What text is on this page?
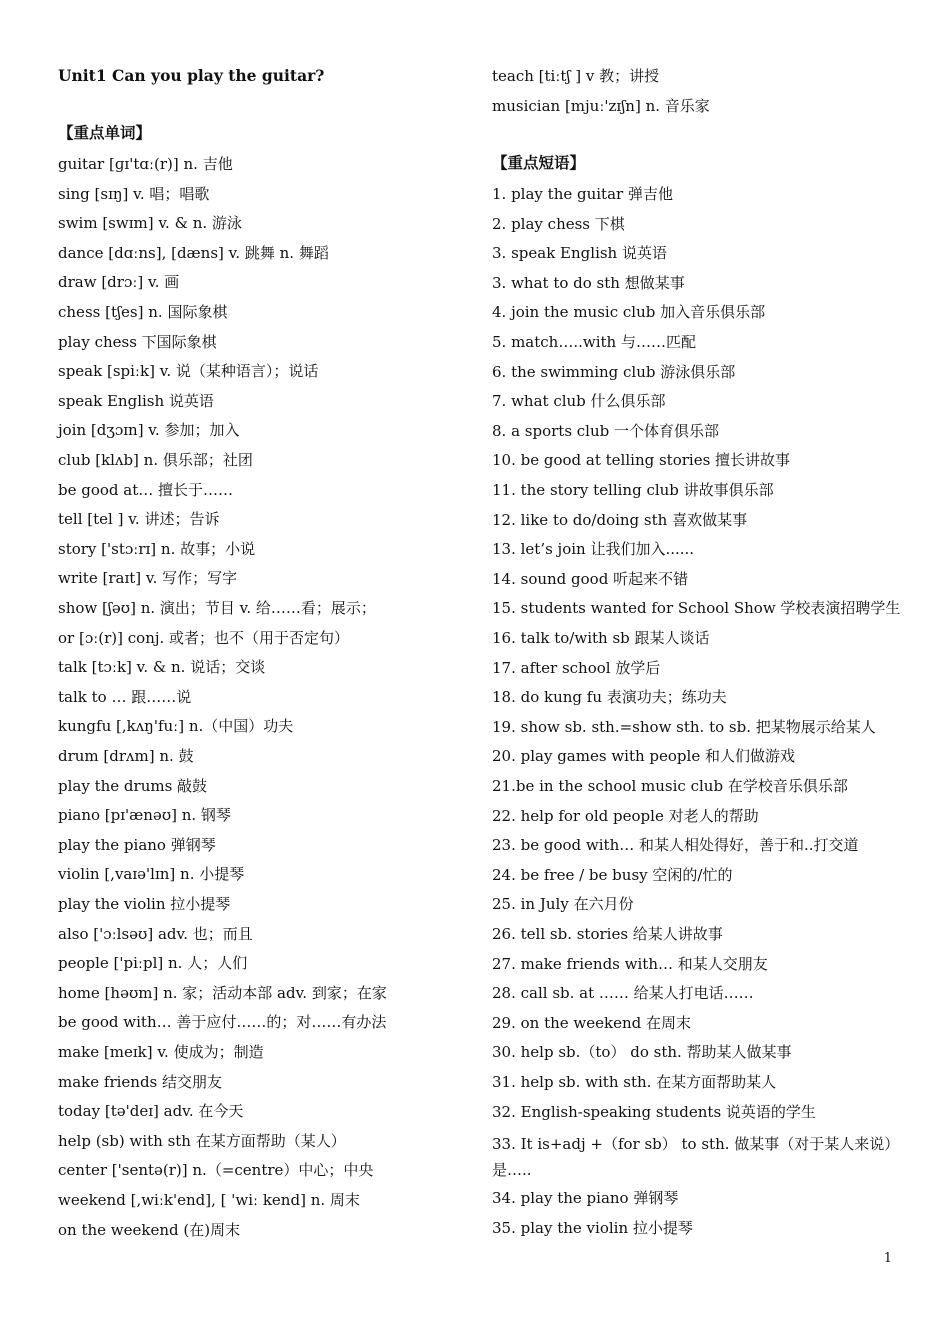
Unit1 Can you play the guitar?
【重点单词】
guitar [ɡɪ'tɑː(r)] n. 吉他
sing [sɪŋ] v. 唱；唱歌
swim [swɪm] v. & n. 游泳
dance [dɑːns], [dæns] v. 跳舞 n. 舞蹈
draw [drɔː] v. 画
chess [tʃes] n. 国际象棋
play chess 下国际象棋
speak [spiːk] v. 说（某种语言）；说话
speak English 说英语
join [dʒɔɪn] v. 参加；加入
club [klʌb] n. 俱乐部；社团
be good at… 擅长于……
tell [tel ] v. 讲述；告诉
story ['stɔːrɪ] n. 故事；小说
write [raɪt] v. 写作；写字
show [ʃəʊ] n. 演出；节目 v. 给……看；展示；
or [ɔː(r)] conj. 或者；也不（用于否定句）
talk [tɔːk] v. & n. 说话；交谈
talk to … 跟……说
kungfu [,kʌŋ'fuː] n.（中国）功夫
drum [drʌm] n. 鼓
play the drums 敲鼓
piano [pɪ'ænəʊ] n. 钢琴
play the piano 弹钢琴
violin [,vaɪə'lɪn] n. 小提琴
play the violin 拉小提琴
also ['ɔːlsəʊ] adv. 也；而且
people ['piːpl] n. 人；人们
home [həʊm] n. 家；活动本部 adv. 到家；在家
be good with… 善于应付……的；对……有办法
make [meɪk] v. 使成为；制造
make friends 结交朋友
today [tə'deɪ] adv. 在今天
help (sb) with sth 在某方面帮助（某人）
center ['sentə(r)] n.（=centre）中心；中央
weekend [,wiːk'end], [ 'wiː kend] n. 周末
on the weekend (在)周末
【重点短语】
teach [tiːtʃ ] v 教；讲授
musician [mjuː'zɪʃn] n. 音乐家
1. play the guitar 弹吉他
2. play chess 下棋
3. speak English 说英语
3. what to do sth 想做某事
4. join the music club 加入音乐俱乐部
5. match…..with 与……匹配
6. the swimming club 游泳俱乐部
7. what club 什么俱乐部
8. a sports club 一个体育俱乐部
10. be good at telling stories 擅长讲故事
11. the story telling club 讲故事俱乐部
12. like to do/doing sth 喜欢做某事
13. let’s join 让我们加入......
14. sound good 听起来不错
15. students wanted for School Show 学校表演招聘学生
16. talk to/with sb 跟某人谈话
17. after school 放学后
18. do kung fu 表演功夫；练功夫
19. show sb. sth.=show sth. to sb. 把某物展示给某人
20. play games with people 和人们做游戏
21.be in the school music club 在学校音乐俱乐部
22. help for old people 对老人的帮助
23. be good with… 和某人相处得好，善于和..打交道
24. be free / be busy 空闲的/忙的
25. in July 在六月份
26. tell sb. stories 给某人讲故事
27. make friends with… 和某人交朋友
28. call sb. at …… 给某人打电话……
29. on the weekend 在周末
30. help sb.（to） do sth. 帮助某人做某事
31. help sb. with sth. 在某方面帮助某人
32. English-speaking students 说英语的学生
33. It is+adj +（for sb） to sth. 做某事（对于某人来说）是…..
34. play the piano 弹钢琴
35. play the violin 拉小提琴
1
